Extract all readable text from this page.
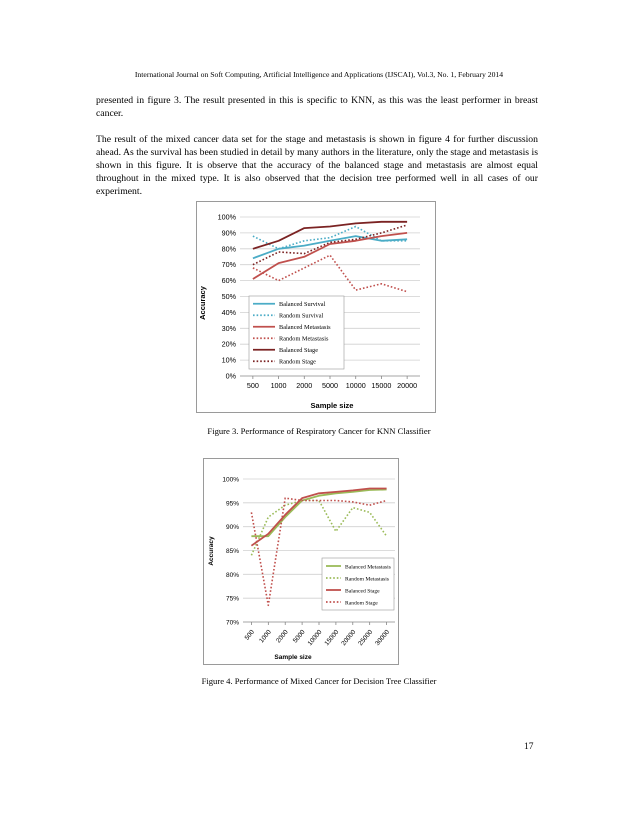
International Journal on Soft Computing, Artificial Intelligence and Applications (IJSCAI), Vol.3, No. 1, February 2014

presented in figure 3. The result presented in this is specific to KNN, as this was the least performer in breast cancer.

The result of the mixed cancer data set for the stage and metastasis is shown in figure 4 for further discussion ahead. As the survival has been studied in detail by many authors in the literature, only the stage and metastasis is shown in this figure. It is observe that the accuracy of the balanced stage and metastasis are almost equal throughout in the mixed type. It is also observed that the decision tree performed well in all cases of our experiment.

0%
10%
20%
30%
40%
50%
60%
70%
80%
90%
100%
500 1000 2000 5000 10000 15000 20000
Balanced Survival
Random Survival
Balanced Metastasis
Random Metastasis
Balanced Stage
Random Stage
Accuracy
Sample size
Figure 3. Performance of Respiratory Cancer for KNN Classifier
70%
75%
80%
85%
90%
95%
100%
500 1000 2000 5000 10000 15000 20000 25000 30000
Balanced Metastasis
Random Metastasis
Balanced Stage
Random Stage
Accuracy
Sample size
Figure 4. Performance of Mixed Cancer for Decision Tree Classifier
17
